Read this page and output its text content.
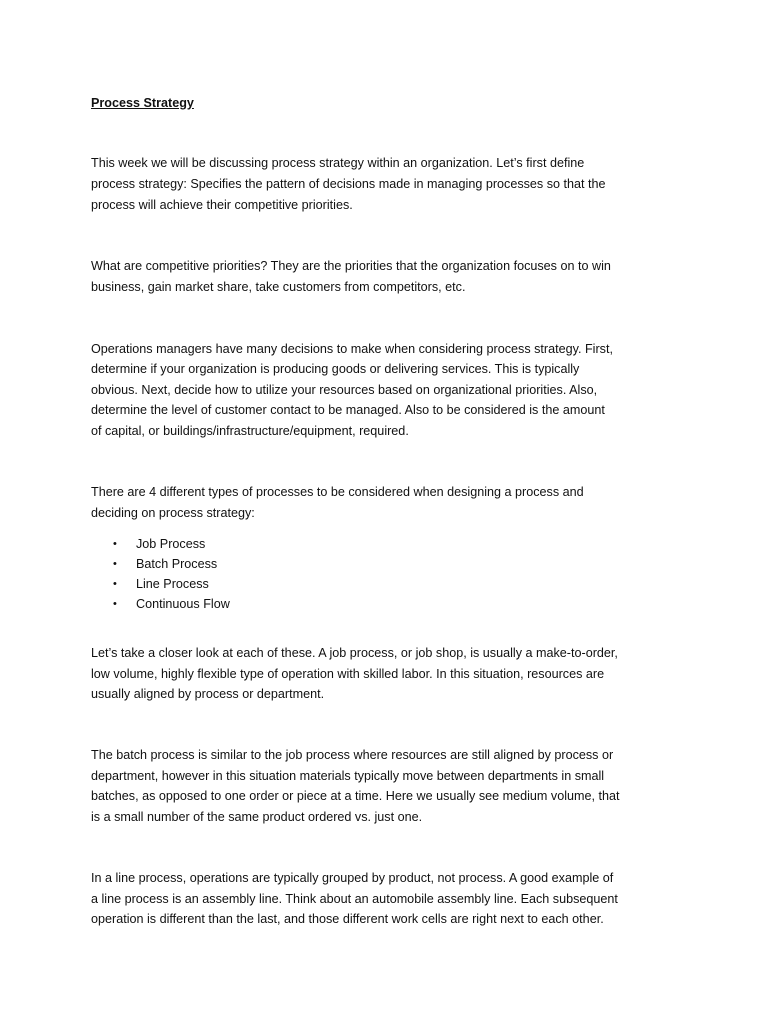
Process Strategy

This week we will be discussing process strategy within an organization. Let’s first define

process strategy: Specifies the pattern of decisions made in managing processes so that the

process will achieve their competitive priorities.

What are competitive priorities? They are the priorities that the organization focuses on to win

business, gain market share, take customers from competitors, etc.

Operations managers have many decisions to make when considering process strategy. First,

determine if your organization is producing goods or delivering services. This is typically

obvious. Next, decide how to utilize your resources based on organizational priorities. Also,

determine the level of customer contact to be managed. Also to be considered is the amount

of capital, or buildings/infrastructure/equipment, required.

There are 4 different types of processes to be considered when designing a process and

deciding on process strategy:

• Job Process
• Batch Process
• Line Process
• Continuous Flow

Let’s take a closer look at each of these. A job process, or job shop, is usually a make-to-order,

low volume, highly flexible type of operation with skilled labor. In this situation, resources are

usually aligned by process or department.

The batch process is similar to the job process where resources are still aligned by process or

department, however in this situation materials typically move between departments in small

batches, as opposed to one order or piece at a time. Here we usually see medium volume, that

is a small number of the same product ordered vs. just one.

In a line process, operations are typically grouped by product, not process. A good example of

a line process is an assembly line. Think about an automobile assembly line. Each subsequent

operation is different than the last, and those different work cells are right next to each other.
